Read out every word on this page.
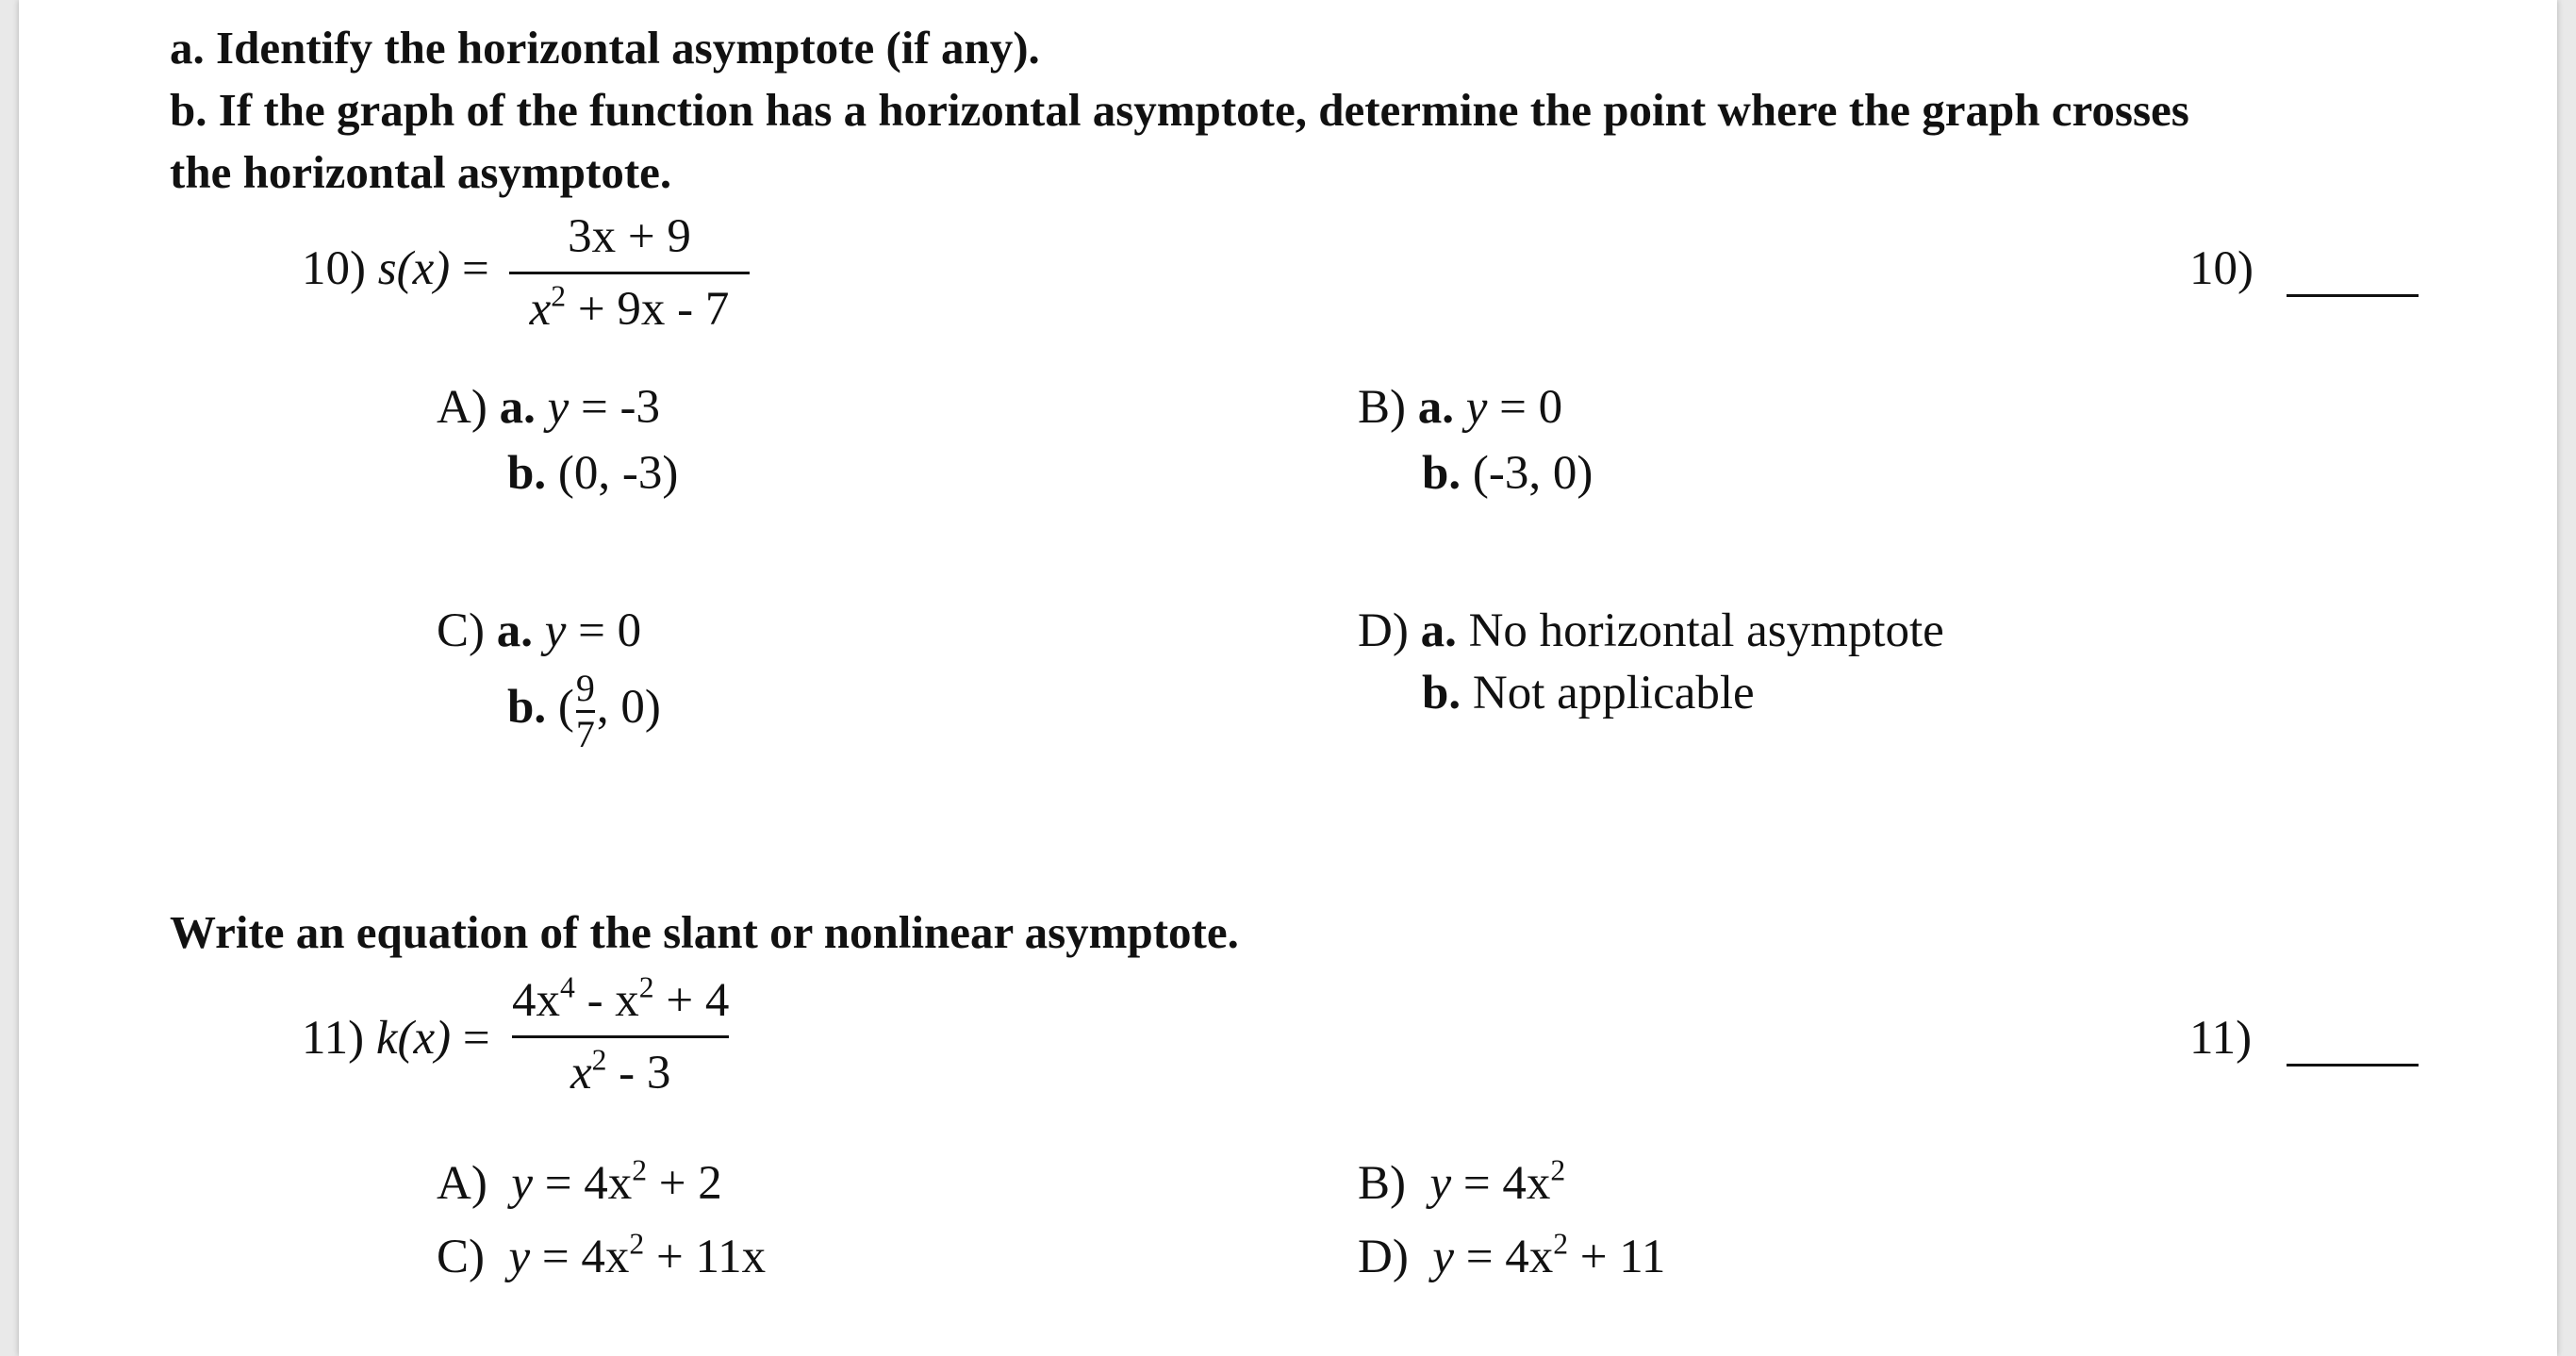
a. Identify the horizontal asymptote (if any).
b. If the graph of the function has a horizontal asymptote, determine the point where the graph crosses
the horizontal asymptote.
10) s(x) =
3x + 9
$x^2 + 9x - 7$
10)
A) a. y = -3
b. (0, -3)
B) a. y = 0
b. (-3, 0)
C) a. y = 0
b. ( $\frac{9}{7}$ , 0)
D) a. No horizontal asymptote
b. Not applicable
Write an equation of the slant or nonlinear asymptote.
11) k(x) =
$4x^4 - x^2 + 4$
$x^2 - 3$
11)
A) $y = 4x^2 + 2$	B) $y = 4x^2$
C) $y = 4x^2 + 11x$	D) $y = 4x^2 + 11$
